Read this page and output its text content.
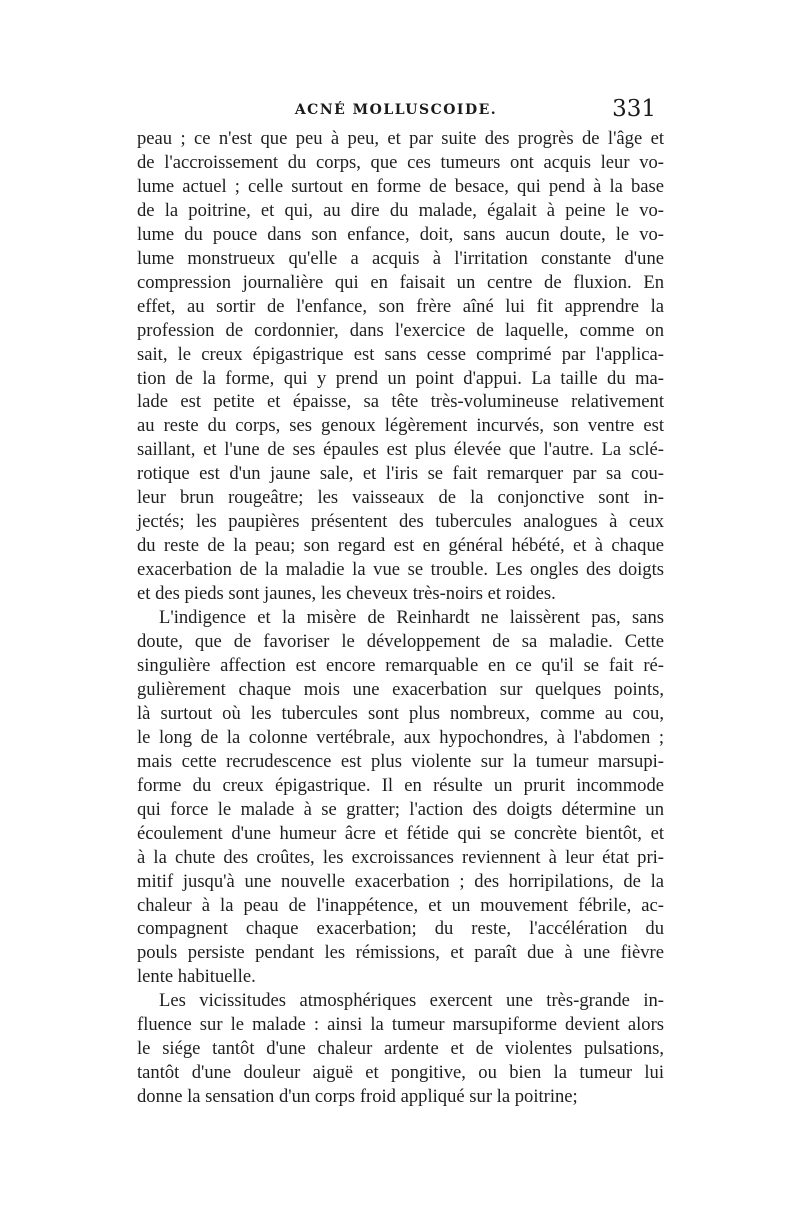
ACNÉ MOLLUSCOIDE.	331

peau ; ce n'est que peu à peu, et par suite des progrès de l'âge et
de l'accroissement du corps, que ces tumeurs ont acquis leur vo-
lume actuel ; celle surtout en forme de besace, qui pend à la base
de la poitrine, et qui, au dire du malade, égalait à peine le vo-
lume du pouce dans son enfance, doit, sans aucun doute, le vo-
lume monstrueux qu'elle a acquis à l'irritation constante d'une
compression journalière qui en faisait un centre de fluxion. En
effet, au sortir de l'enfance, son frère aîné lui fit apprendre la
profession de cordonnier, dans l'exercice de laquelle, comme on
sait, le creux épigastrique est sans cesse comprimé par l'applica-
tion de la forme, qui y prend un point d'appui. La taille du ma-
lade est petite et épaisse, sa tête très-volumineuse relativement
au reste du corps, ses genoux légèrement incurvés, son ventre est
saillant, et l'une de ses épaules est plus élevée que l'autre. La sclé-
rotique est d'un jaune sale, et l'iris se fait remarquer par sa cou-
leur brun rougeâtre; les vaisseaux de la conjonctive sont in-
jectés; les paupières présentent des tubercules analogues à ceux
du reste de la peau; son regard est en général hébété, et à chaque
exacerbation de la maladie la vue se trouble. Les ongles des doigts
et des pieds sont jaunes, les cheveux très-noirs et roides.

L'indigence et la misère de Reinhardt ne laissèrent pas, sans
doute, que de favoriser le développement de sa maladie. Cette
singulière affection est encore remarquable en ce qu'il se fait ré-
gulièrement chaque mois une exacerbation sur quelques points,
là surtout où les tubercules sont plus nombreux, comme au cou,
le long de la colonne vertébrale, aux hypochondres, à l'abdomen ;
mais cette recrudescence est plus violente sur la tumeur marsupi-
forme du creux épigastrique. Il en résulte un prurit incommode
qui force le malade à se gratter; l'action des doigts détermine un
écoulement d'une humeur âcre et fétide qui se concrète bientôt, et
à la chute des croûtes, les excroissances reviennent à leur état pri-
mitif jusqu'à une nouvelle exacerbation ; des horripilations, de la
chaleur à la peau de l'inappétence, et un mouvement fébrile, ac-
compagnent chaque exacerbation; du reste, l'accélération du
pouls persiste pendant les rémissions, et paraît due à une fièvre
lente habituelle.

Les vicissitudes atmosphériques exercent une très-grande in-
fluence sur le malade : ainsi la tumeur marsupiforme devient alors
le siége tantôt d'une chaleur ardente et de violentes pulsations,
tantôt d'une douleur aiguë et pongitive, ou bien la tumeur lui
donne la sensation d'un corps froid appliqué sur la poitrine;
